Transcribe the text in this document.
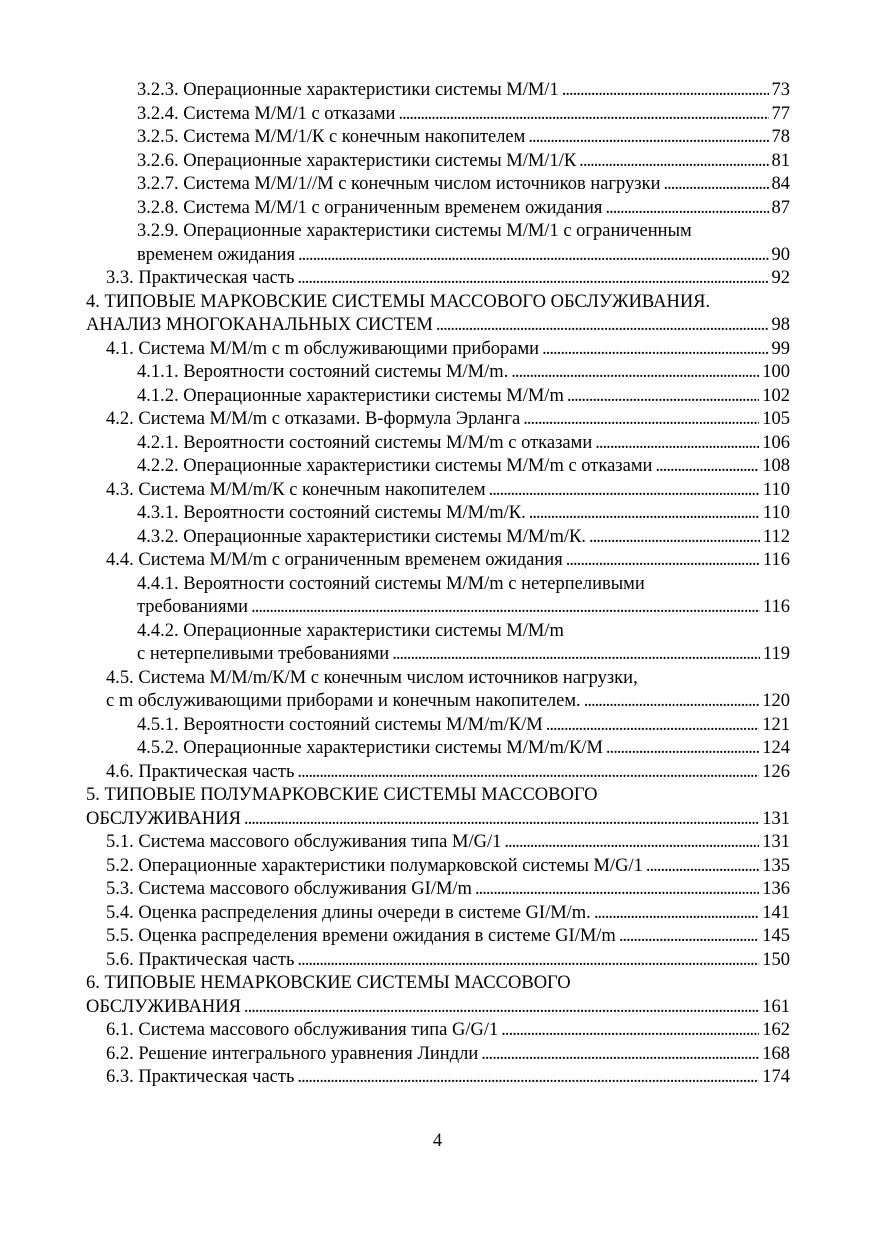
3.2.3. Операционные характеристики системы М/М/1 . . .	73
3.2.4. Система М/М/1 с отказами . . .	77
3.2.5. Система М/М/1/К с конечным накопителем . . .	78
3.2.6. Операционные характеристики системы М/М/1/К . . .	81
3.2.7. Система М/М/1//М с конечным числом источников нагрузки . . .	84
3.2.8. Система М/М/1 с ограниченным временем ожидания . . .	87
3.2.9. Операционные характеристики системы М/М/1 с ограниченным
временем ожидания . . .	90
3.3. Практическая часть . . .	92
4. ТИПОВЫЕ МАРКОВСКИЕ СИСТЕМЫ МАССОВОГО ОБСЛУЖИВАНИЯ.
АНАЛИЗ МНОГОКАНАЛЬНЫХ СИСТЕМ . . .	98
4.1. Система М/М/m с m обслуживающими приборами . . .	99
4.1.1. Вероятности состояний системы М/М/m. . . .	100
4.1.2. Операционные характеристики системы М/М/m . . .	102
4.2. Система М/М/m с отказами. B-формула Эрланга . . .	105
4.2.1. Вероятности состояний системы М/М/m с отказами . . .	106
4.2.2. Операционные характеристики системы М/М/m с отказами . . .	108
4.3. Система М/М/m/К с конечным накопителем . . .	110
4.3.1. Вероятности состояний системы М/М/m/К. . . .	110
4.3.2. Операционные характеристики системы М/М/m/К. . . .	112
4.4. Система М/М/m с ограниченным временем ожидания . . .	116
4.4.1. Вероятности состояний системы М/М/m с нетерпеливыми
требованиями . . .	116
4.4.2. Операционные характеристики системы М/М/m
с нетерпеливыми требованиями . . .	119
4.5. Система М/М/m/К/М с конечным числом источников нагрузки,
с m обслуживающими приборами и конечным накопителем. . . .	120
4.5.1. Вероятности состояний системы М/М/m/К/М . . .	121
4.5.2. Операционные характеристики системы М/М/m/К/М . . .	124
4.6. Практическая часть . . .	126
5. ТИПОВЫЕ ПОЛУМАРКОВСКИЕ СИСТЕМЫ МАССОВОГО
ОБСЛУЖИВАНИЯ . . .	131
5.1. Система массового обслуживания типа M/G/1 . . .	131
5.2. Операционные характеристики полумарковской системы M/G/1 . . .	135
5.3. Система массового обслуживания GI/M/m . . .	136
5.4. Оценка распределения длины очереди в системе GI/M/m. . . .	141
5.5. Оценка распределения времени ожидания в системе GI/M/m . . .	145
5.6. Практическая часть . . .	150
6. ТИПОВЫЕ НЕМАРКОВСКИЕ СИСТЕМЫ МАССОВОГО
ОБСЛУЖИВАНИЯ . . .	161
6.1. Система массового обслуживания типа G/G/1 . . .	162
6.2. Решение интегрального уравнения Линдли . . .	168
6.3. Практическая часть . . .	174
4
